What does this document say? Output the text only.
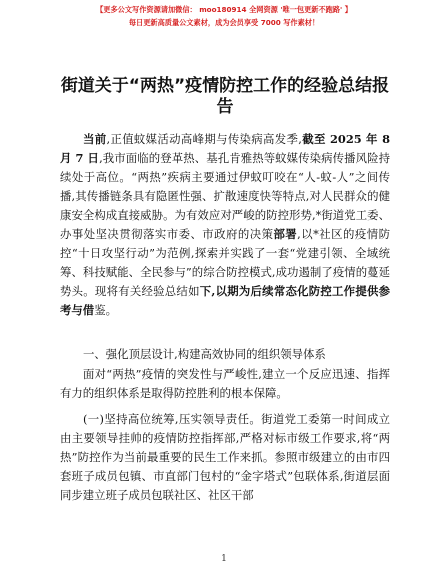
【更多公文写作资源请加微信： moo180914 全网资源 '唯一包更新不跑路' 】
每日更新高质量公文素材，成为会员享受 7000 写作素材！
街道关于“两热”疫情防控工作的经验总结报告

当前,正值蚊媒活动高峰期与传染病高发季,截至 2025 年 8 月 7 日,我市面临的登革热、基孔肯雅热等蚊媒传染病传播风险持续处于高位。“两热”疾病主要通过伊蚊叮咬在“人-蚊-人”之间传播,其传播链条具有隐匿性强、扩散速度快等特点,对人民群众的健康安全构成直接威胁。为有效应对严峻的防控形势,*街道党工委、办事处坚决贯彻落实市委、市政府的决策部署,以*社区的疫情防控“十日攻坚行动”为范例,探索并实践了一套“党建引领、全域统筹、科技赋能、全民参与”的综合防控模式,成功遏制了疫情的蔓延势头。现将有关经验总结如下,以期为后续常态化防控工作提供参考与借鉴。

一、强化顶层设计,构建高效协同的组织领导体系

面对“两热”疫情的突发性与严峻性,建立一个反应迅速、指挥有力的组织体系是取得防控胜利的根本保障。

(一)坚持高位统筹,压实领导责任。街道党工委第一时间成立由主要领导挂帅的疫情防控指挥部,严格对标市级工作要求,将“两热”防控作为当前最重要的民生工作来抓。参照市级建立的由市四套班子成员包镇、市直部门包村的“金字塔式”包联体系,街道层面同步建立班子成员包联社区、社区干部

1
